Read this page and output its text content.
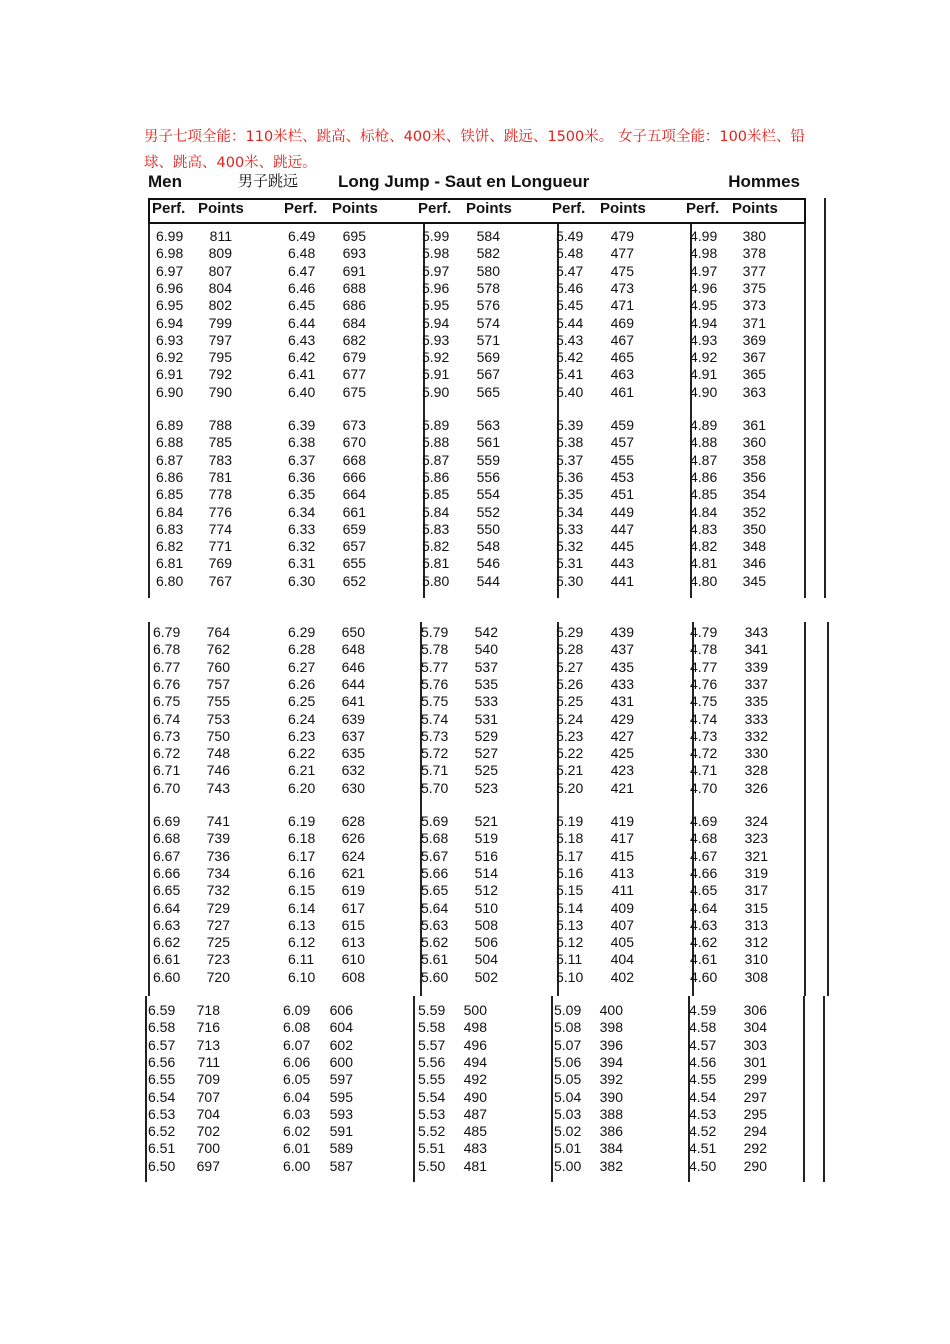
男子七项全能：110米栏、跳高、标枪、400米、铁饼、跳远、1500米。 女子五项全能：100米栏、铅球、跳高、400米、跳远。
Men	男子跳远 Long Jump - Saut en Longueur	Hommes
Perf. Points	Perf. Points	Perf. Points	Perf. Points	Perf. Points
6.99	811	6.49	695	5.99	584	5.49	479	4.99	380
6.98	809	6.48	693	5.98	582	5.48	477	4.98	378
6.97	807	6.47	691	5.97	580	5.47	475	4.97	377
6.96	804	6.46	688	5.96	578	5.46	473	4.96	375
6.95	802	6.45	686	5.95	576	5.45	471	4.95	373
6.94	799	6.44	684	5.94	574	5.44	469	4.94	371
6.93	797	6.43	682	5.93	571	5.43	467	4.93	369
6.92	795	6.42	679	5.92	569	5.42	465	4.92	367
6.91	792	6.41	677	5.91	567	5.41	463	4.91	365
6.90	790	6.40	675	5.90	565	5.40	461	4.90	363
6.89	788	6.39	673	5.89	563	5.39	459	4.89	361
6.88	785	6.38	670	5.88	561	5.38	457	4.88	360
6.87	783	6.37	668	5.87	559	5.37	455	4.87	358
6.86	781	6.36	666	5.86	556	5.36	453	4.86	356
6.85	778	6.35	664	5.85	554	5.35	451	4.85	354
6.84	776	6.34	661	5.84	552	5.34	449	4.84	352
6.83	774	6.33	659	5.83	550	5.33	447	4.83	350
6.82	771	6.32	657	5.82	548	5.32	445	4.82	348
6.81	769	6.31	655	5.81	546	5.31	443	4.81	346
6.80	767	6.30	652	5.80	544	5.30	441	4.80	345
6.79	764	6.29	650	5.79	542	5.29	439	4.79	343
6.78	762	6.28	648	5.78	540	5.28	437	4.78	341
6.77	760	6.27	646	5.77	537	5.27	435	4.77	339
6.76	757	6.26	644	5.76	535	5.26	433	4.76	337
6.75	755	6.25	641	5.75	533	5.25	431	4.75	335
6.74	753	6.24	639	5.74	531	5.24	429	4.74	333
6.73	750	6.23	637	5.73	529	5.23	427	4.73	332
6.72	748	6.22	635	5.72	527	5.22	425	4.72	330
6.71	746	6.21	632	5.71	525	5.21	423	4.71	328
6.70	743	6.20	630	5.70	523	5.20	421	4.70	326
6.69	741	6.19	628	5.69	521	5.19	419	4.69	324
6.68	739	6.18	626	5.68	519	5.18	417	4.68	323
6.67	736	6.17	624	5.67	516	5.17	415	4.67	321
6.66	734	6.16	621	5.66	514	5.16	413	4.66	319
6.65	732	6.15	619	5.65	512	5.15	411	4.65	317
6.64	729	6.14	617	5.64	510	5.14	409	4.64	315
6.63	727	6.13	615	5.63	508	5.13	407	4.63	313
6.62	725	6.12	613	5.62	506	5.12	405	4.62	312
6.61	723	6.11	610	5.61	504	5.11	404	4.61	310
6.60	720	6.10	608	5.60	502	5.10	402	4.60	308
6.59	718	6.09	606	5.59	500	5.09	400	4.59	306
6.58	716	6.08	604	5.58	498	5.08	398	4.58	304
6.57	713	6.07	602	5.57	496	5.07	396	4.57	303
6.56	711	6.06	600	5.56	494	5.06	394	4.56	301
6.55	709	6.05	597	5.55	492	5.05	392	4.55	299
6.54	707	6.04	595	5.54	490	5.04	390	4.54	297
6.53	704	6.03	593	5.53	487	5.03	388	4.53	295
6.52	702	6.02	591	5.52	485	5.02	386	4.52	294
6.51	700	6.01	589	5.51	483	5.01	384	4.51	292
6.50	697	6.00	587	5.50	481	5.00	382	4.50	290
